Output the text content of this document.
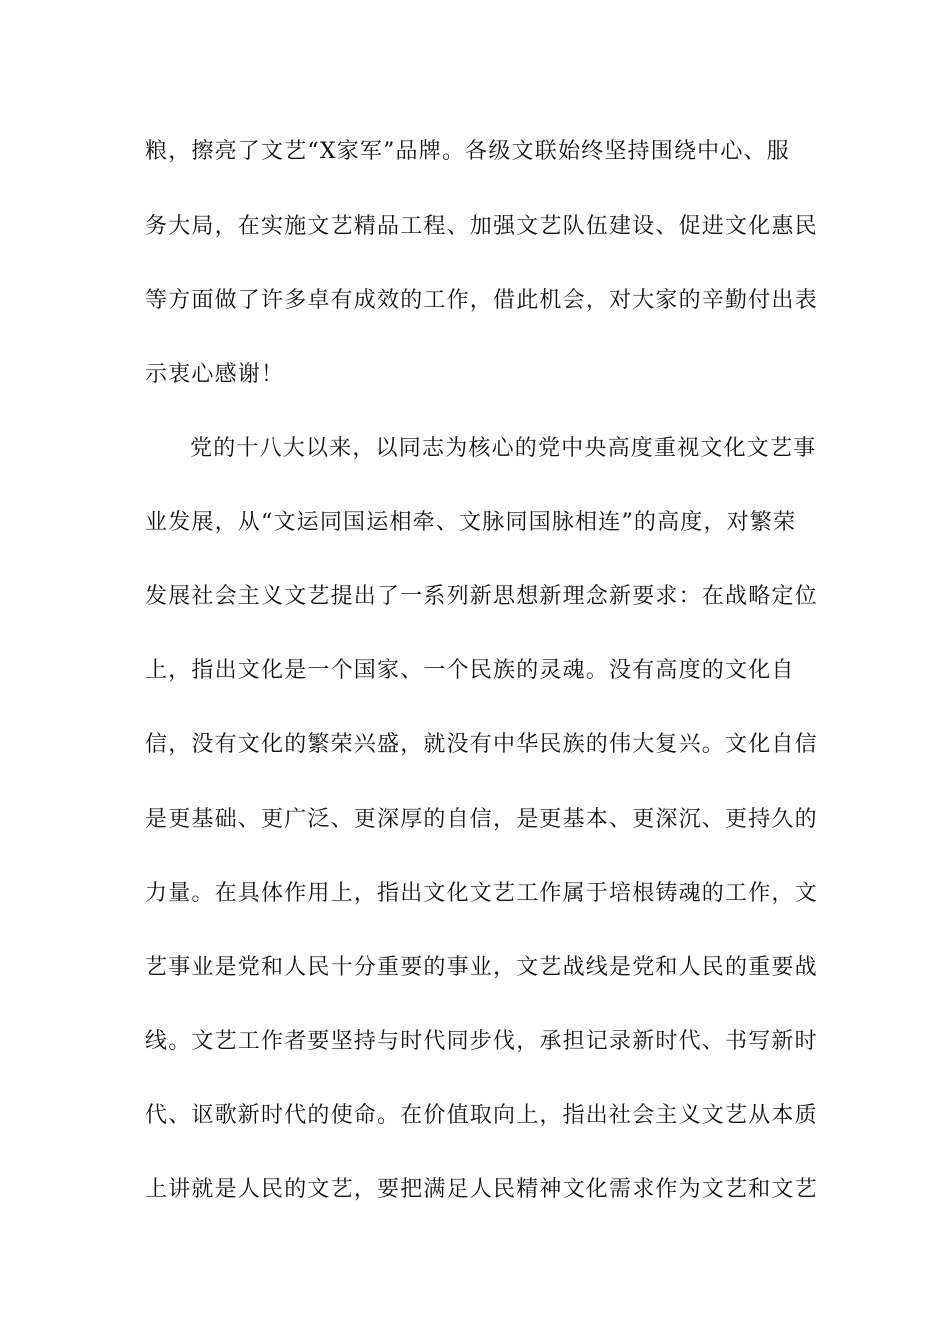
粮，擦亮了文艺“X家军”品牌。各级文联始终坚持围绕中心、服
务大局，在实施文艺精品工程、加强文艺队伍建设、促进文化惠民
等方面做了许多卓有成效的工作，借此机会，对大家的辛勤付出表
示衷心感谢！
党的十八大以来，以同志为核心的党中央高度重视文化文艺事
业发展，从“文运同国运相牵、文脉同国脉相连”的高度，对繁荣
发展社会主义文艺提出了一系列新思想新理念新要求：在战略定位
上，指出文化是一个国家、一个民族的灵魂。没有高度的文化自
信，没有文化的繁荣兴盛，就没有中华民族的伟大复兴。文化自信
是更基础、更广泛、更深厚的自信，是更基本、更深沉、更持久的
力量。在具体作用上，指出文化文艺工作属于培根铸魂的工作，文
艺事业是党和人民十分重要的事业，文艺战线是党和人民的重要战
线。文艺工作者要坚持与时代同步伐，承担记录新时代、书写新时
代、讴歌新时代的使命。在价值取向上，指出社会主义文艺从本质
上讲就是人民的文艺，要把满足人民精神文化需求作为文艺和文艺
